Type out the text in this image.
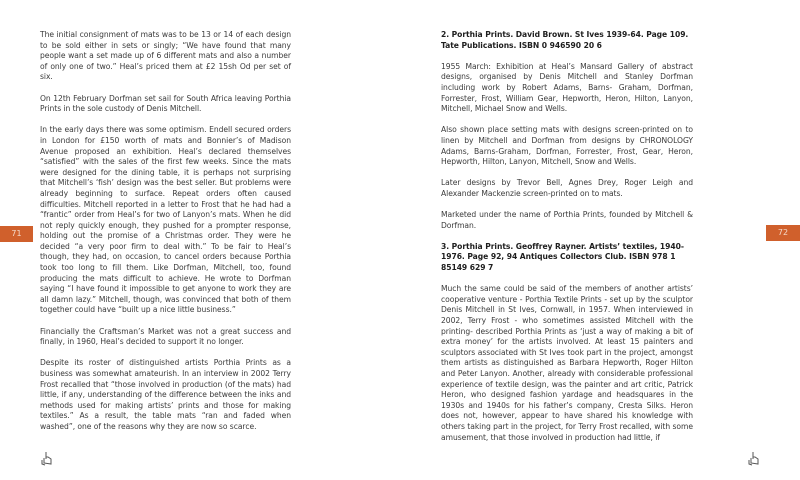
The initial consignment of mats was to be 13 or 14 of each design to be sold either in sets or singly; “We have found that many people want a set made up of 6 different mats and also a number of only one of two.” Heal’s priced them at £2 15sh Od per set of six.

On 12th February Dorfman set sail for South Africa leaving Porthia Prints in the sole custody of Denis Mitchell.

In the early days there was some optimism. Endell secured orders in London for £150 worth of mats and Bonnier’s of Madison Avenue proposed an exhibition. Heal’s declared themselves “satisfied” with the sales of the first few weeks. Since the mats were designed for the dining table, it is perhaps not surprising that Mitchell’s ‘fish’ design was the best seller. But problems were already beginning to surface. Repeat orders often caused difficulties. Mitchell reported in a letter to Frost that he had had a “frantic” order from Heal’s for two of Lanyon’s mats. When he did not reply quickly enough, they pushed for a prompter response, holding out the promise of a Christmas order. They were he decided “a very poor firm to deal with.” To be fair to Heal’s though, they had, on occasion, to cancel orders because Porthia took too long to fill them. Like Dorfman, Mitchell, too, found producing the mats difficult to achieve. He wrote to Dorfman saying “I have found it impossible to get anyone to work they are all damn lazy.” Mitchell, though, was convinced that both of them together could have “built up a nice little business.”

Financially the Craftsman’s Market was not a great success and finally, in 1960, Heal’s decided to support it no longer.

Despite its roster of distinguished artists Porthia Prints as a business was somewhat amateurish. In an interview in 2002 Terry Frost recalled that “those involved in production (of the mats) had little, if any, understanding of the difference between the inks and methods used for making artists’ prints and those for making textiles.” As a result, the table mats “ran and faded when washed”, one of the reasons why they are now so scarce.

71

2. Porthia Prints. David Brown. St Ives 1939-64. Page 109. Tate Publications. ISBN 0 946590 20 6

1955 March: Exhibition at Heal’s Mansard Gallery of abstract designs, organised by Denis Mitchell and Stanley Dorfman including work by Robert Adams, Barns- Graham, Dorfman, Forrester, Frost, William Gear, Hepworth, Heron, Hilton, Lanyon, Mitchell, Michael Snow and Wells.

Also shown place setting mats with designs screen-printed on to linen by Mitchell and Dorfman from designs by CHRONOLOGY Adams, Barns-Graham, Dorfman, Forrester, Frost, Gear, Heron, Hepworth, Hilton, Lanyon, Mitchell, Snow and Wells.

Later designs by Trevor Bell, Agnes Drey, Roger Leigh and Alexander Mackenzie screen-printed on to mats.

Marketed under the name of Porthia Prints, founded by Mitchell & Dorfman.

3. Porthia Prints. Geoffrey Rayner. Artists’ textiles, 1940-1976. Page 92, 94 Antiques Collectors Club. ISBN 978 1 85149 629 7

Much the same could be said of the members of another artists’ cooperative venture - Porthia Textile Prints - set up by the sculptor Denis Mitchell in St Ives, Cornwall, in 1957. When interviewed in 2002, Terry Frost - who sometimes assisted Mitchell with the printing- described Porthia Prints as ‘just a way of making a bit of extra money’ for the artists involved. At least 15 painters and sculptors associated with St Ives took part in the project, amongst them artists as distinguished as Barbara Hepworth, Roger Hilton and Peter Lanyon. Another, already with considerable professional experience of textile design, was the painter and art critic, Patrick Heron, who designed fashion yardage and headsquares in the 1930s and 1940s for his father’s company, Cresta Silks. Heron does not, however, appear to have shared his knowledge with others taking part in the project, for Terry Frost recalled, with some amusement, that those involved in production had little, if

72
